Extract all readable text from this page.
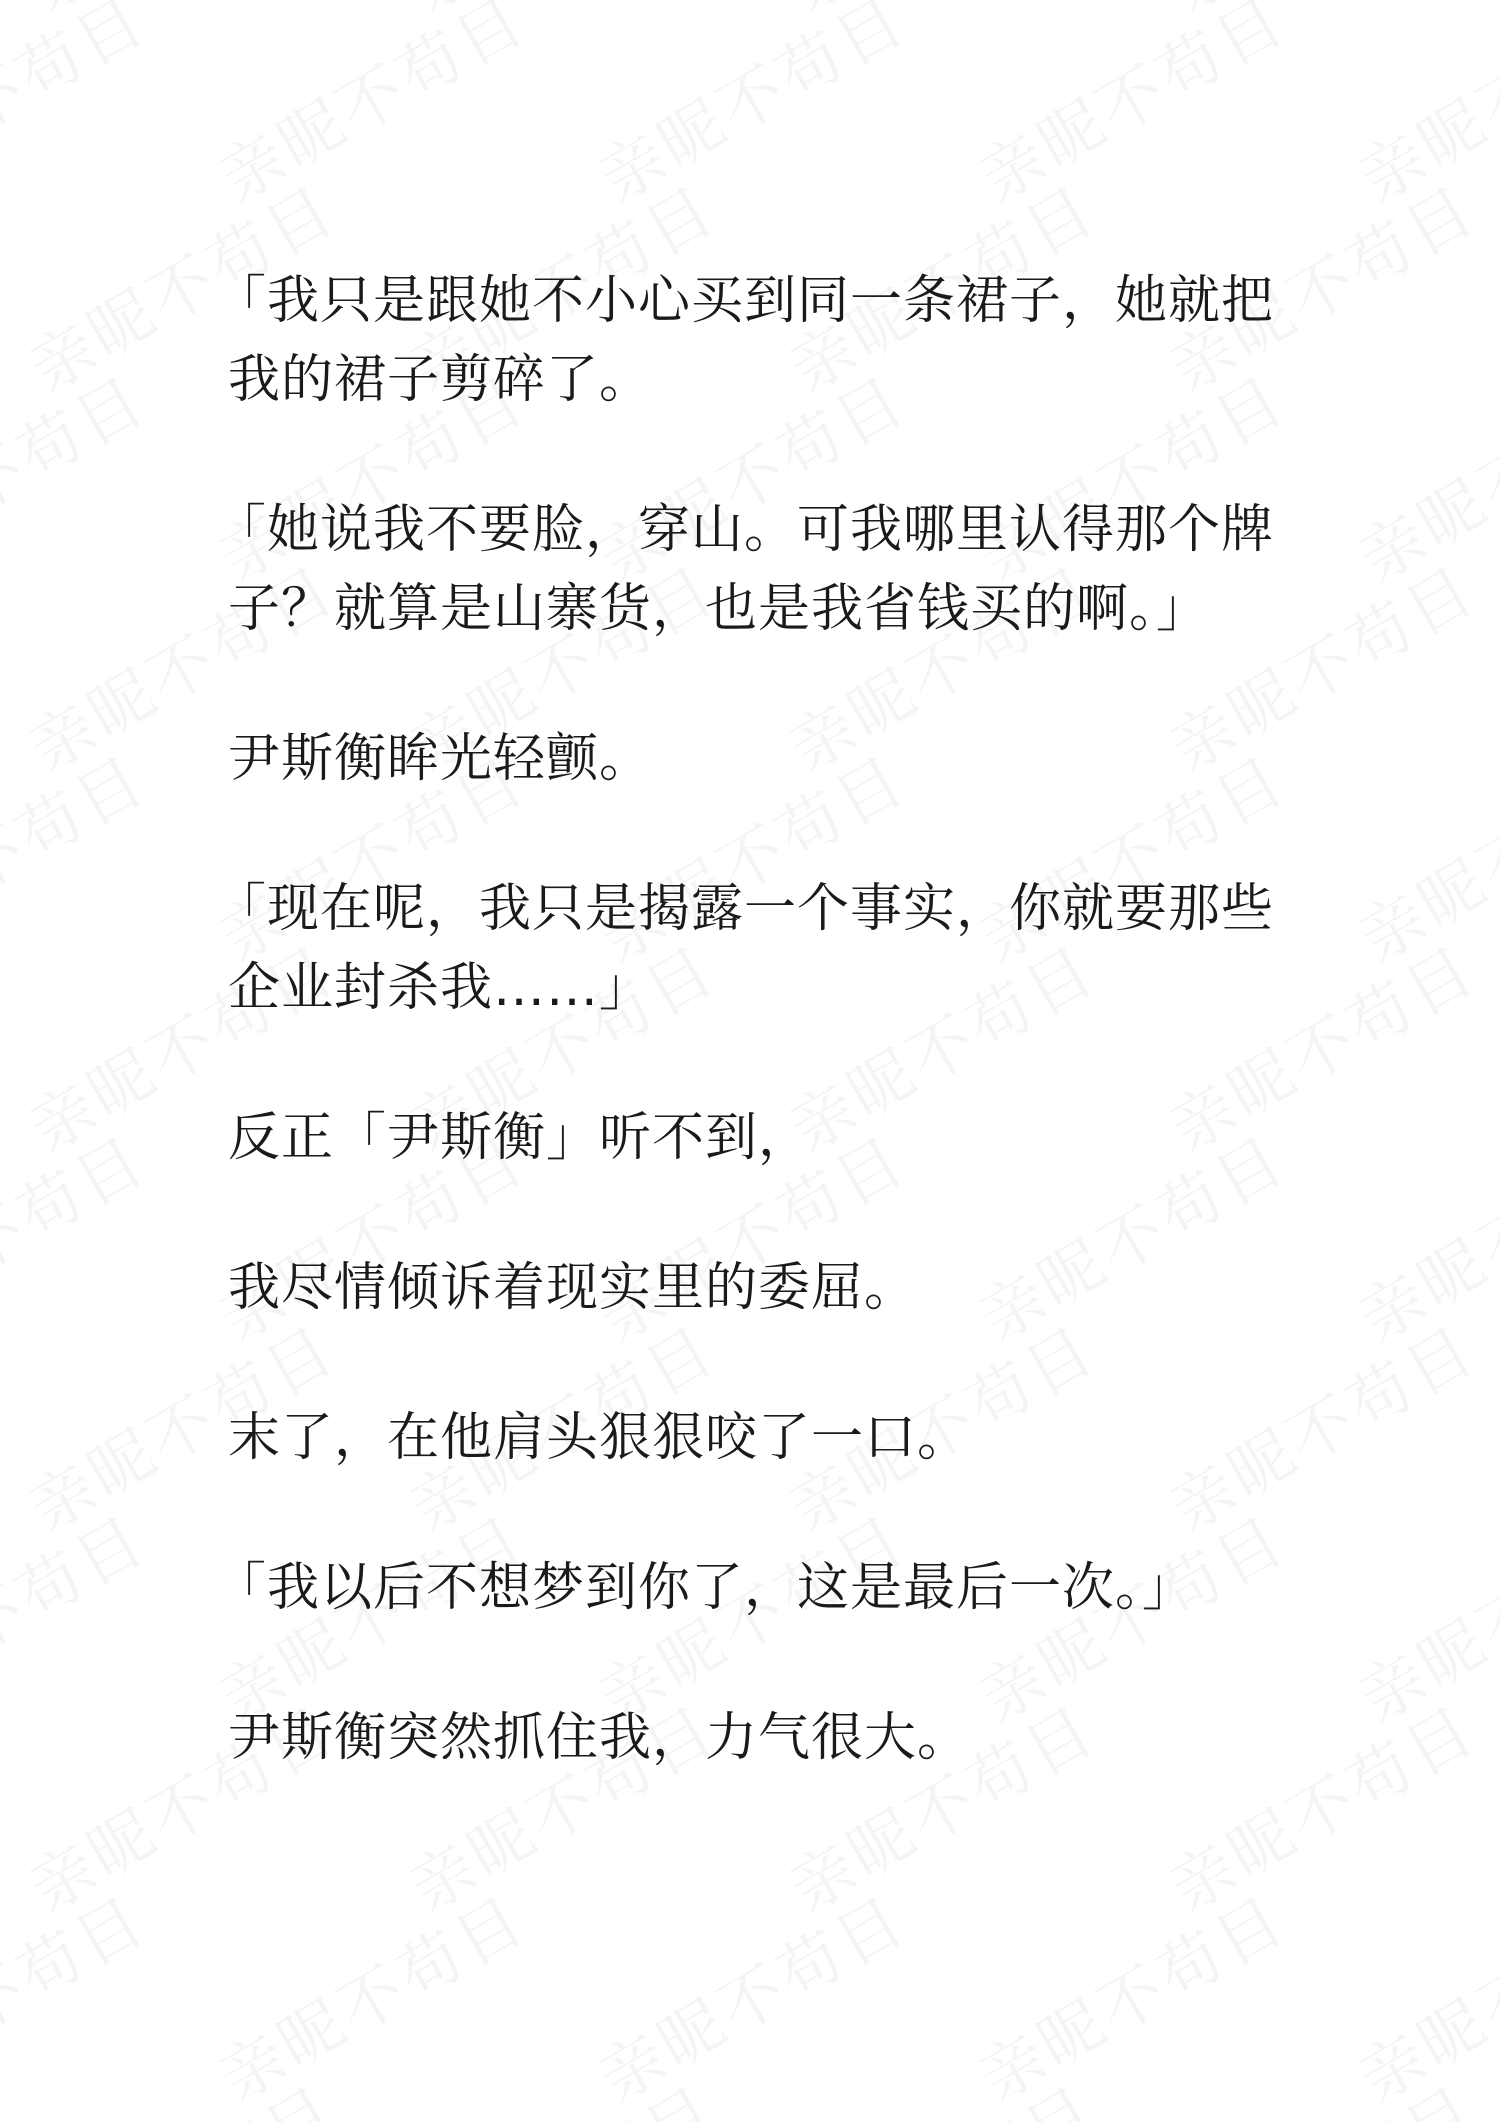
「我只是跟她不小心买到同一条裙子，她就把我的裙子剪碎了。

「她说我不要脸，穿山。可我哪里认得那个牌子？就算是山寨货，也是我省钱买的啊。」

尹斯衡眸光轻颤。

「现在呢，我只是揭露一个事实，你就要那些企业封杀我……」

反正「尹斯衡」听不到，

我尽情倾诉着现实里的委屈。

末了，在他肩头狠狠咬了一口。

「我以后不想梦到你了，这是最后一次。」

尹斯衡突然抓住我，力气很大。
